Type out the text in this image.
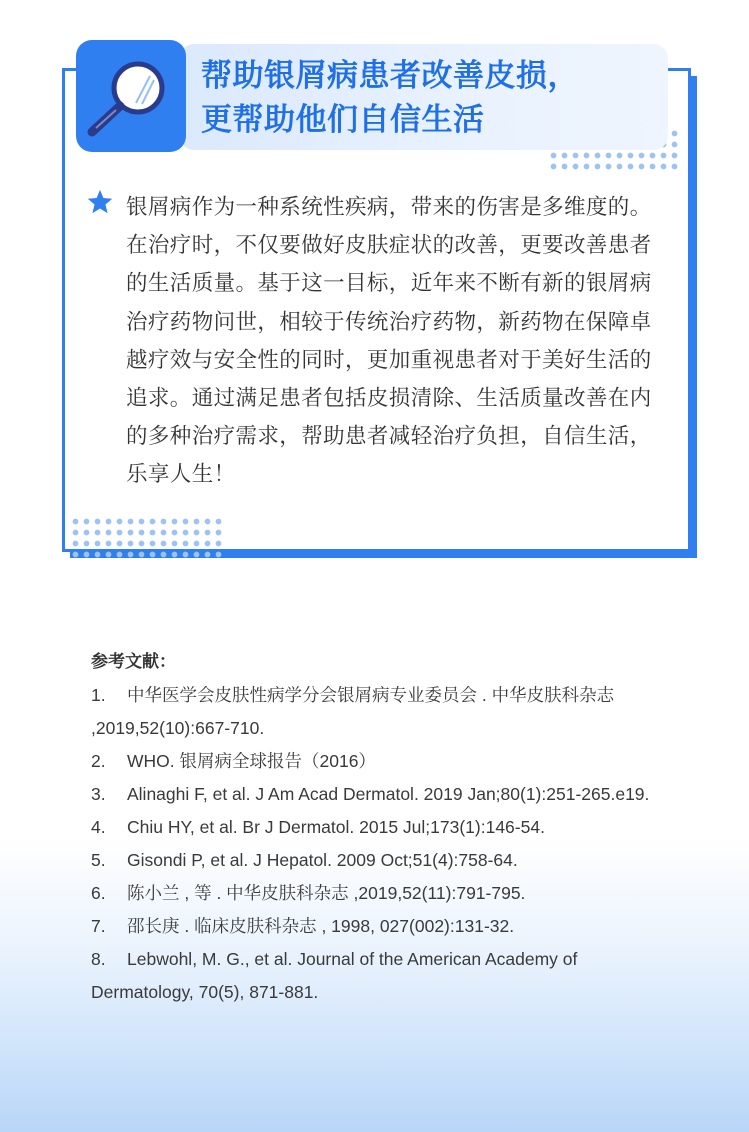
帮助银屑病患者改善皮损，
更帮助他们自信生活

银屑病作为一种系统性疾病，带来的伤害是多维度的。在治疗时，不仅要做好皮肤症状的改善，更要改善患者的生活质量。基于这一目标，近年来不断有新的银屑病治疗药物问世，相较于传统治疗药物，新药物在保障卓越疗效与安全性的同时，更加重视患者对于美好生活的追求。通过满足患者包括皮损清除、生活质量改善在内的多种治疗需求，帮助患者减轻治疗负担，自信生活，乐享人生！

参考文献：

1. 中华医学会皮肤性病学分会银屑病专业委员会 . 中华皮肤科杂志 ,2019,52(10):667-710.

2. WHO. 银屑病全球报告（2016）

3. Alinaghi F, et al. J Am Acad Dermatol. 2019 Jan;80(1):251-265.e19.

4. Chiu HY, et al. Br J Dermatol. 2015 Jul;173(1):146-54.

5. Gisondi P, et al. J Hepatol. 2009 Oct;51(4):758-64.

6. 陈小兰 , 等 . 中华皮肤科杂志 ,2019,52(11):791-795.

7. 邵长庚 . 临床皮肤科杂志 , 1998, 027(002):131-32.

8. Lebwohl, M. G., et al. Journal of the American Academy of Dermatology, 70(5), 871-881.
